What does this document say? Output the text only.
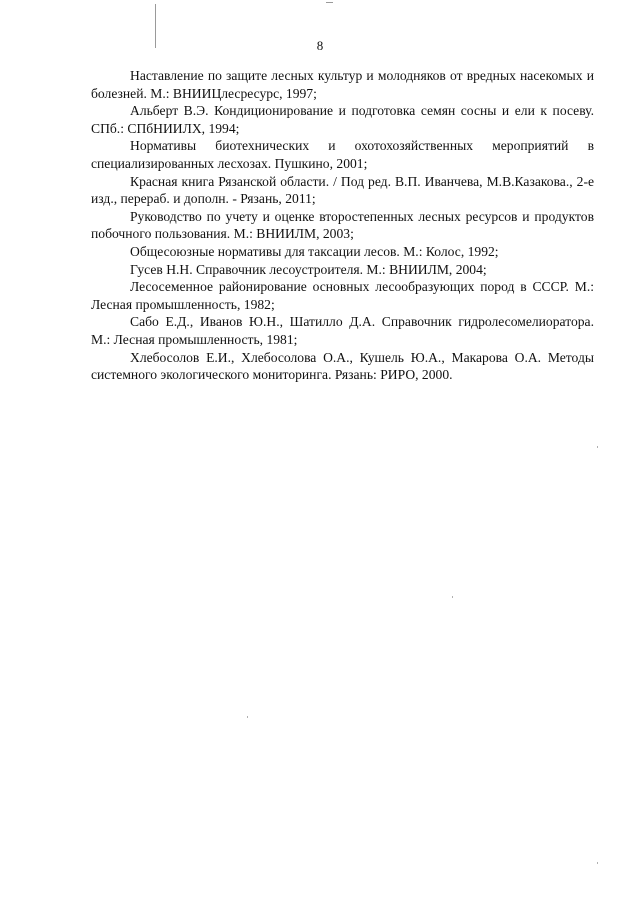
8

Наставление по защите лесных культур и молодняков от вредных насекомых и болезней. М.: ВНИИЦлесресурс, 1997;

Альберт В.Э. Кондиционирование и подготовка семян сосны и ели к посеву. СПб.: СПбНИИЛХ, 1994;

Нормативы биотехнических и охотохозяйственных мероприятий в специализированных лесхозах. Пушкино, 2001;

Красная книга Рязанской области. / Под ред. В.П. Иванчева, М.В.Казакова., 2-е изд., перераб. и дополн. - Рязань, 2011;

Руководство по учету и оценке второстепенных лесных ресурсов и продуктов побочного пользования. М.: ВНИИЛМ, 2003;

Общесоюзные нормативы для таксации лесов. М.: Колос, 1992;

Гусев Н.Н. Справочник лесоустроителя. М.: ВНИИЛМ, 2004;

Лесосеменное районирование основных лесообразующих пород в СССР. М.: Лесная промышленность, 1982;

Сабо Е.Д., Иванов Ю.Н., Шатилло Д.А. Справочник гидролесомелиоратора. М.: Лесная промышленность, 1981;

Хлебосолов Е.И., Хлебосолова О.А., Кушель Ю.А., Макарова О.А. Методы системного экологического мониторинга. Рязань: РИРО, 2000.
